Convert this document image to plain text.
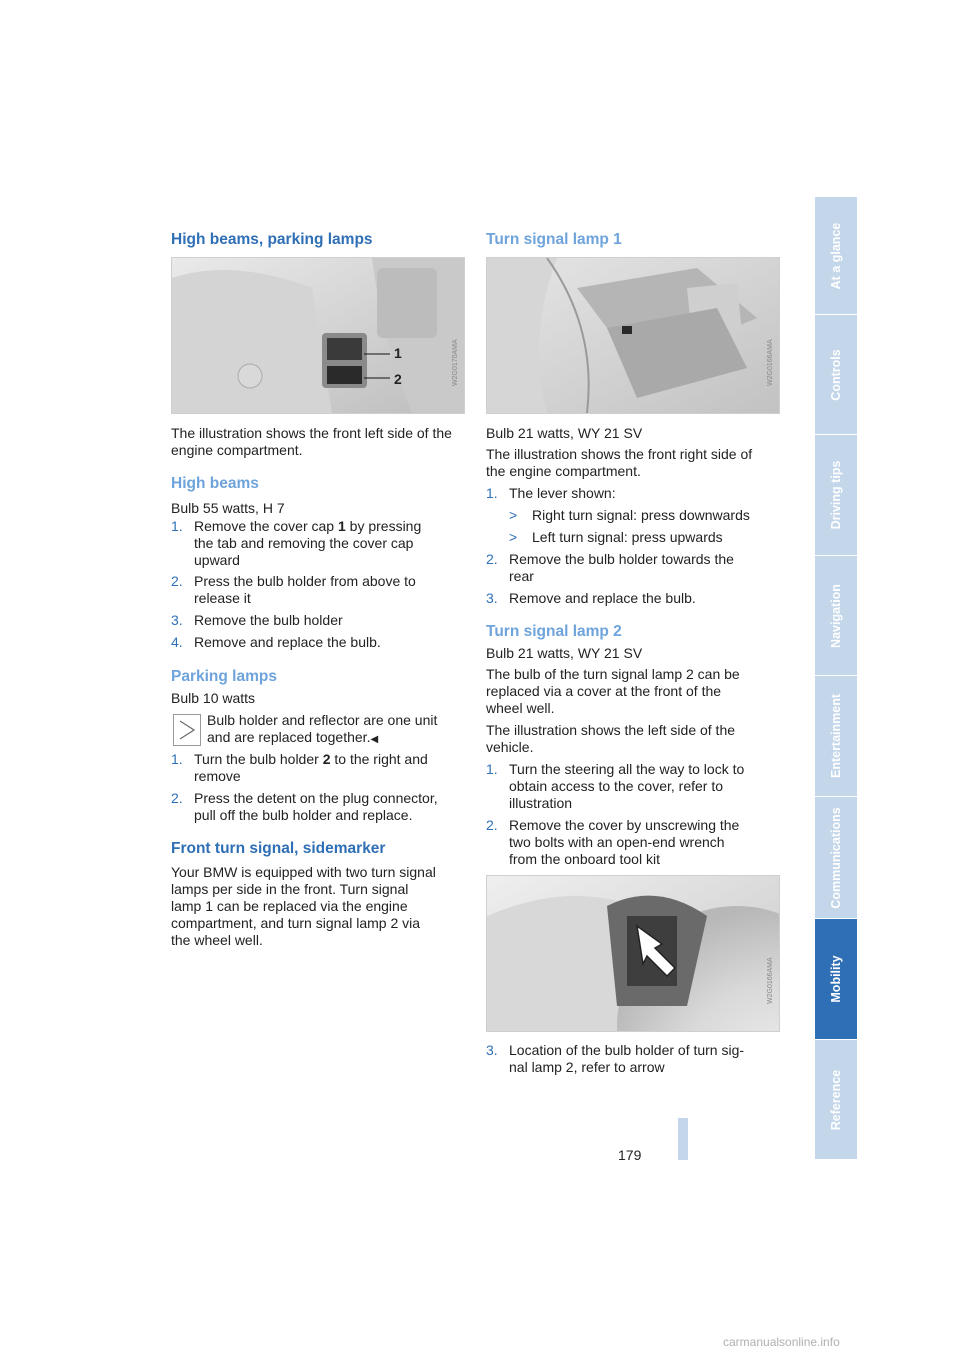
High beams, parking lamps
1
2	W2G0170AMA

The illustration shows the front left side of the engine compartment.

High beams

Bulb 55 watts, H 7

1. Remove the cover cap 1 by pressing
the tab and removing the cover cap
upward
2. Press the bulb holder from above to
release it
3. Remove the bulb holder
4. Remove and replace the bulb.
Parking lamps

Bulb 10 watts

Bulb holder and reflector are one unit

and are replaced together.◀

1. Turn the bulb holder 2 to the right and
remove
2. Press the detent on the plug connector,
pull off the bulb holder and replace.
Front turn signal, sidemarker

Your BMW is equipped with two turn signal

lamps per side in the front. Turn signal

lamp 1 can be replaced via the engine

compartment, and turn signal lamp 2 via

the wheel well.

Turn signal lamp 1
W2G0166AMA

Bulb 21 watts, WY 21 SV

The illustration shows the front right side of

the engine compartment.

1. The lever shown:
> Right turn signal: press downwards
> Left turn signal: press upwards
2. Remove the bulb holder towards the
rear
3. Remove and replace the bulb.
Turn signal lamp 2

Bulb 21 watts, WY 21 SV

The bulb of the turn signal lamp 2 can be

replaced via a cover at the front of the

wheel well.

The illustration shows the left side of the

vehicle.

1. Turn the steering all the way to lock to
obtain access to the cover, refer to
illustration
2. Remove the cover by unscrewing the
two bolts with an open-end wrench
from the onboard tool kit
W2G0166AMA
3. Location of the bulb holder of turn sig-
nal lamp 2, refer to arrow
At a glance
Controls
Driving tips
Navigation
Entertainment
Communications
Mobility
Reference
179
carmanualsonline.info
